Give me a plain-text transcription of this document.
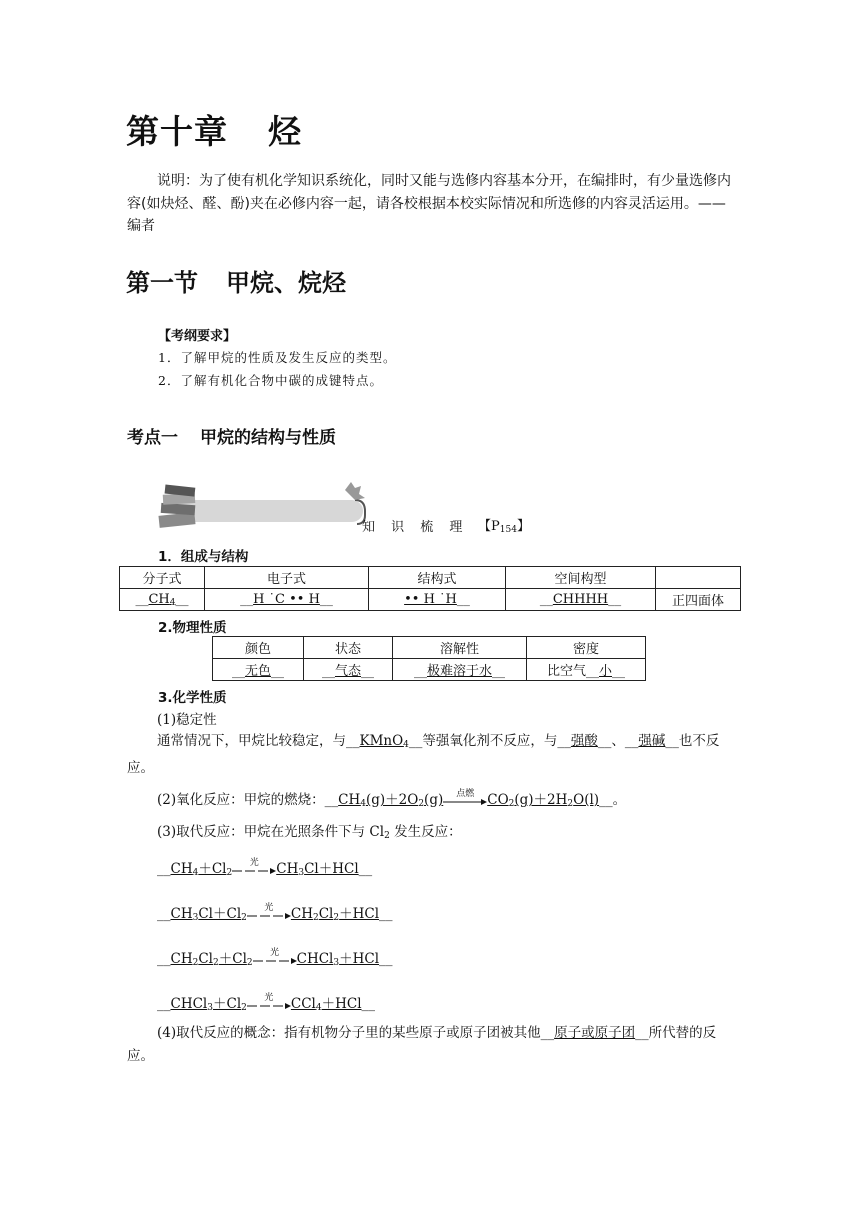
第十章 烃

说明：为了使有机化学知识系统化，同时又能与选修内容基本分开，在编排时，有少量选修内容(如炔烃、醛、酚)夹在必修内容一起，请各校根据本校实际情况和所选修的内容灵活运用。——编者

第一节 甲烷、烷烃
【考纲要求】
1．了解甲烷的性质及发生反应的类型。
2．了解有机化合物中碳的成键特点。
考点一 甲烷的结构与性质
知 识 梳 理 【$P_{154}$】
1．组成与结构
分子式	电子式	结构式	空间构型	
$\_\_CH_4\_\_$	__H ˙C •• H__	•• H ˙H__	__CHHHH__	正四面体
2.物理性质
颜色	状态	溶解性	密度
__无色__	__气态__	__极难溶于水__	比空气__小__
3.化学性质
(1)稳定性

通常情况下，甲烷比较稳定，与__KMnO$_4$__等强氧化剂不反应，与__强酸__、__强碱__也不反应。

(2)氧化反应：甲烷的燃烧：$\_\_CH_4(g)+2O_2(g)$	点燃 $CO_2(g)+2H_2O(l)\_\_$。
(3)取代反应：甲烷在光照条件下与 $Cl_2$ 发生反应：
$\_\_CH_4+Cl_2$
光	$CH_3Cl+HCl\_\_$
$\_\_CH_3Cl+Cl_2$
光	$CH_2Cl_2+HCl\_\_$
$\_\_CH_2Cl_2+Cl_2$
光	CHCl$_3$＋HCl__
$\_\_CHCl_3+Cl_2$
光	CCl$_4$＋HCl__

(4)取代反应的概念：指有机物分子里的某些原子或原子团被其他__原子或原子团__所代替的反应。
